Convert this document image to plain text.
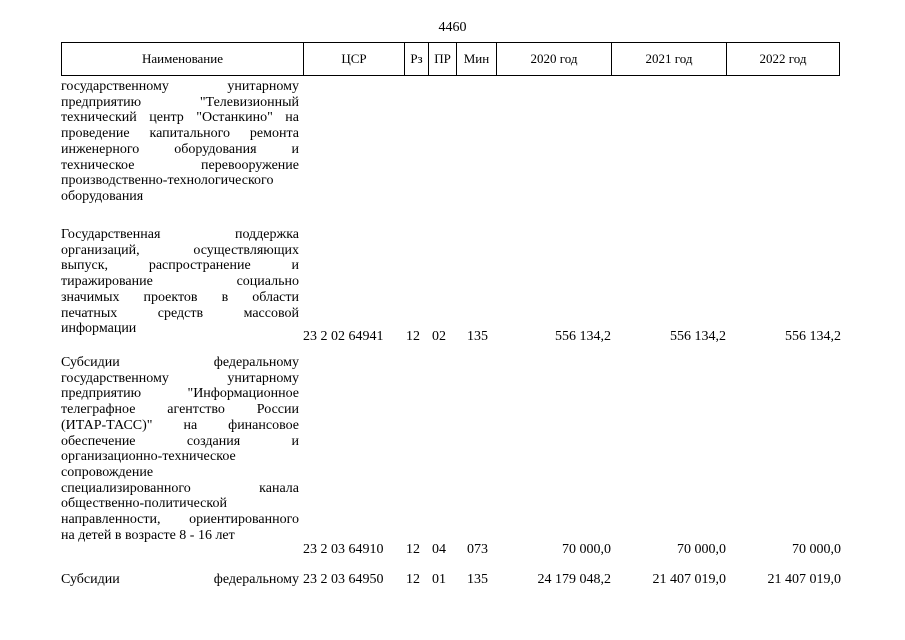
4460
Наименование	ЦСР	Рз ПР Мин	2020 год	2021 год	2022 год
государственному унитарному
предприятию "Телевизионный
технический центр "Останкино" на
проведение капитального ремонта
инженерного оборудования и
техническое перевооружение
производственно-технологического
оборудования
Государственная поддержка
организаций, осуществляющих
выпуск, распространение и
тиражирование социально
значимых проектов в области
печатных средств массовой
информации
23 2 02 64941	12 02	135	556 134,2	556 134,2	556 134,2
Субсидии федеральному
государственному унитарному
предприятию "Информационное
телеграфное агентство России
(ИТАР-ТАСС)" на финансовое
обеспечение создания и
организационно-техническое
сопровождение
специализированного канала
общественно-политической
направленности, ориентированного
на детей в возрасте 8 - 16 лет
23 2 03 64910	12 04	073	70 000,0	70 000,0	70 000,0
Субсидии федеральному 23 2 03 64950	12 01	135	24 179 048,2	21 407 019,0	21 407 019,0
